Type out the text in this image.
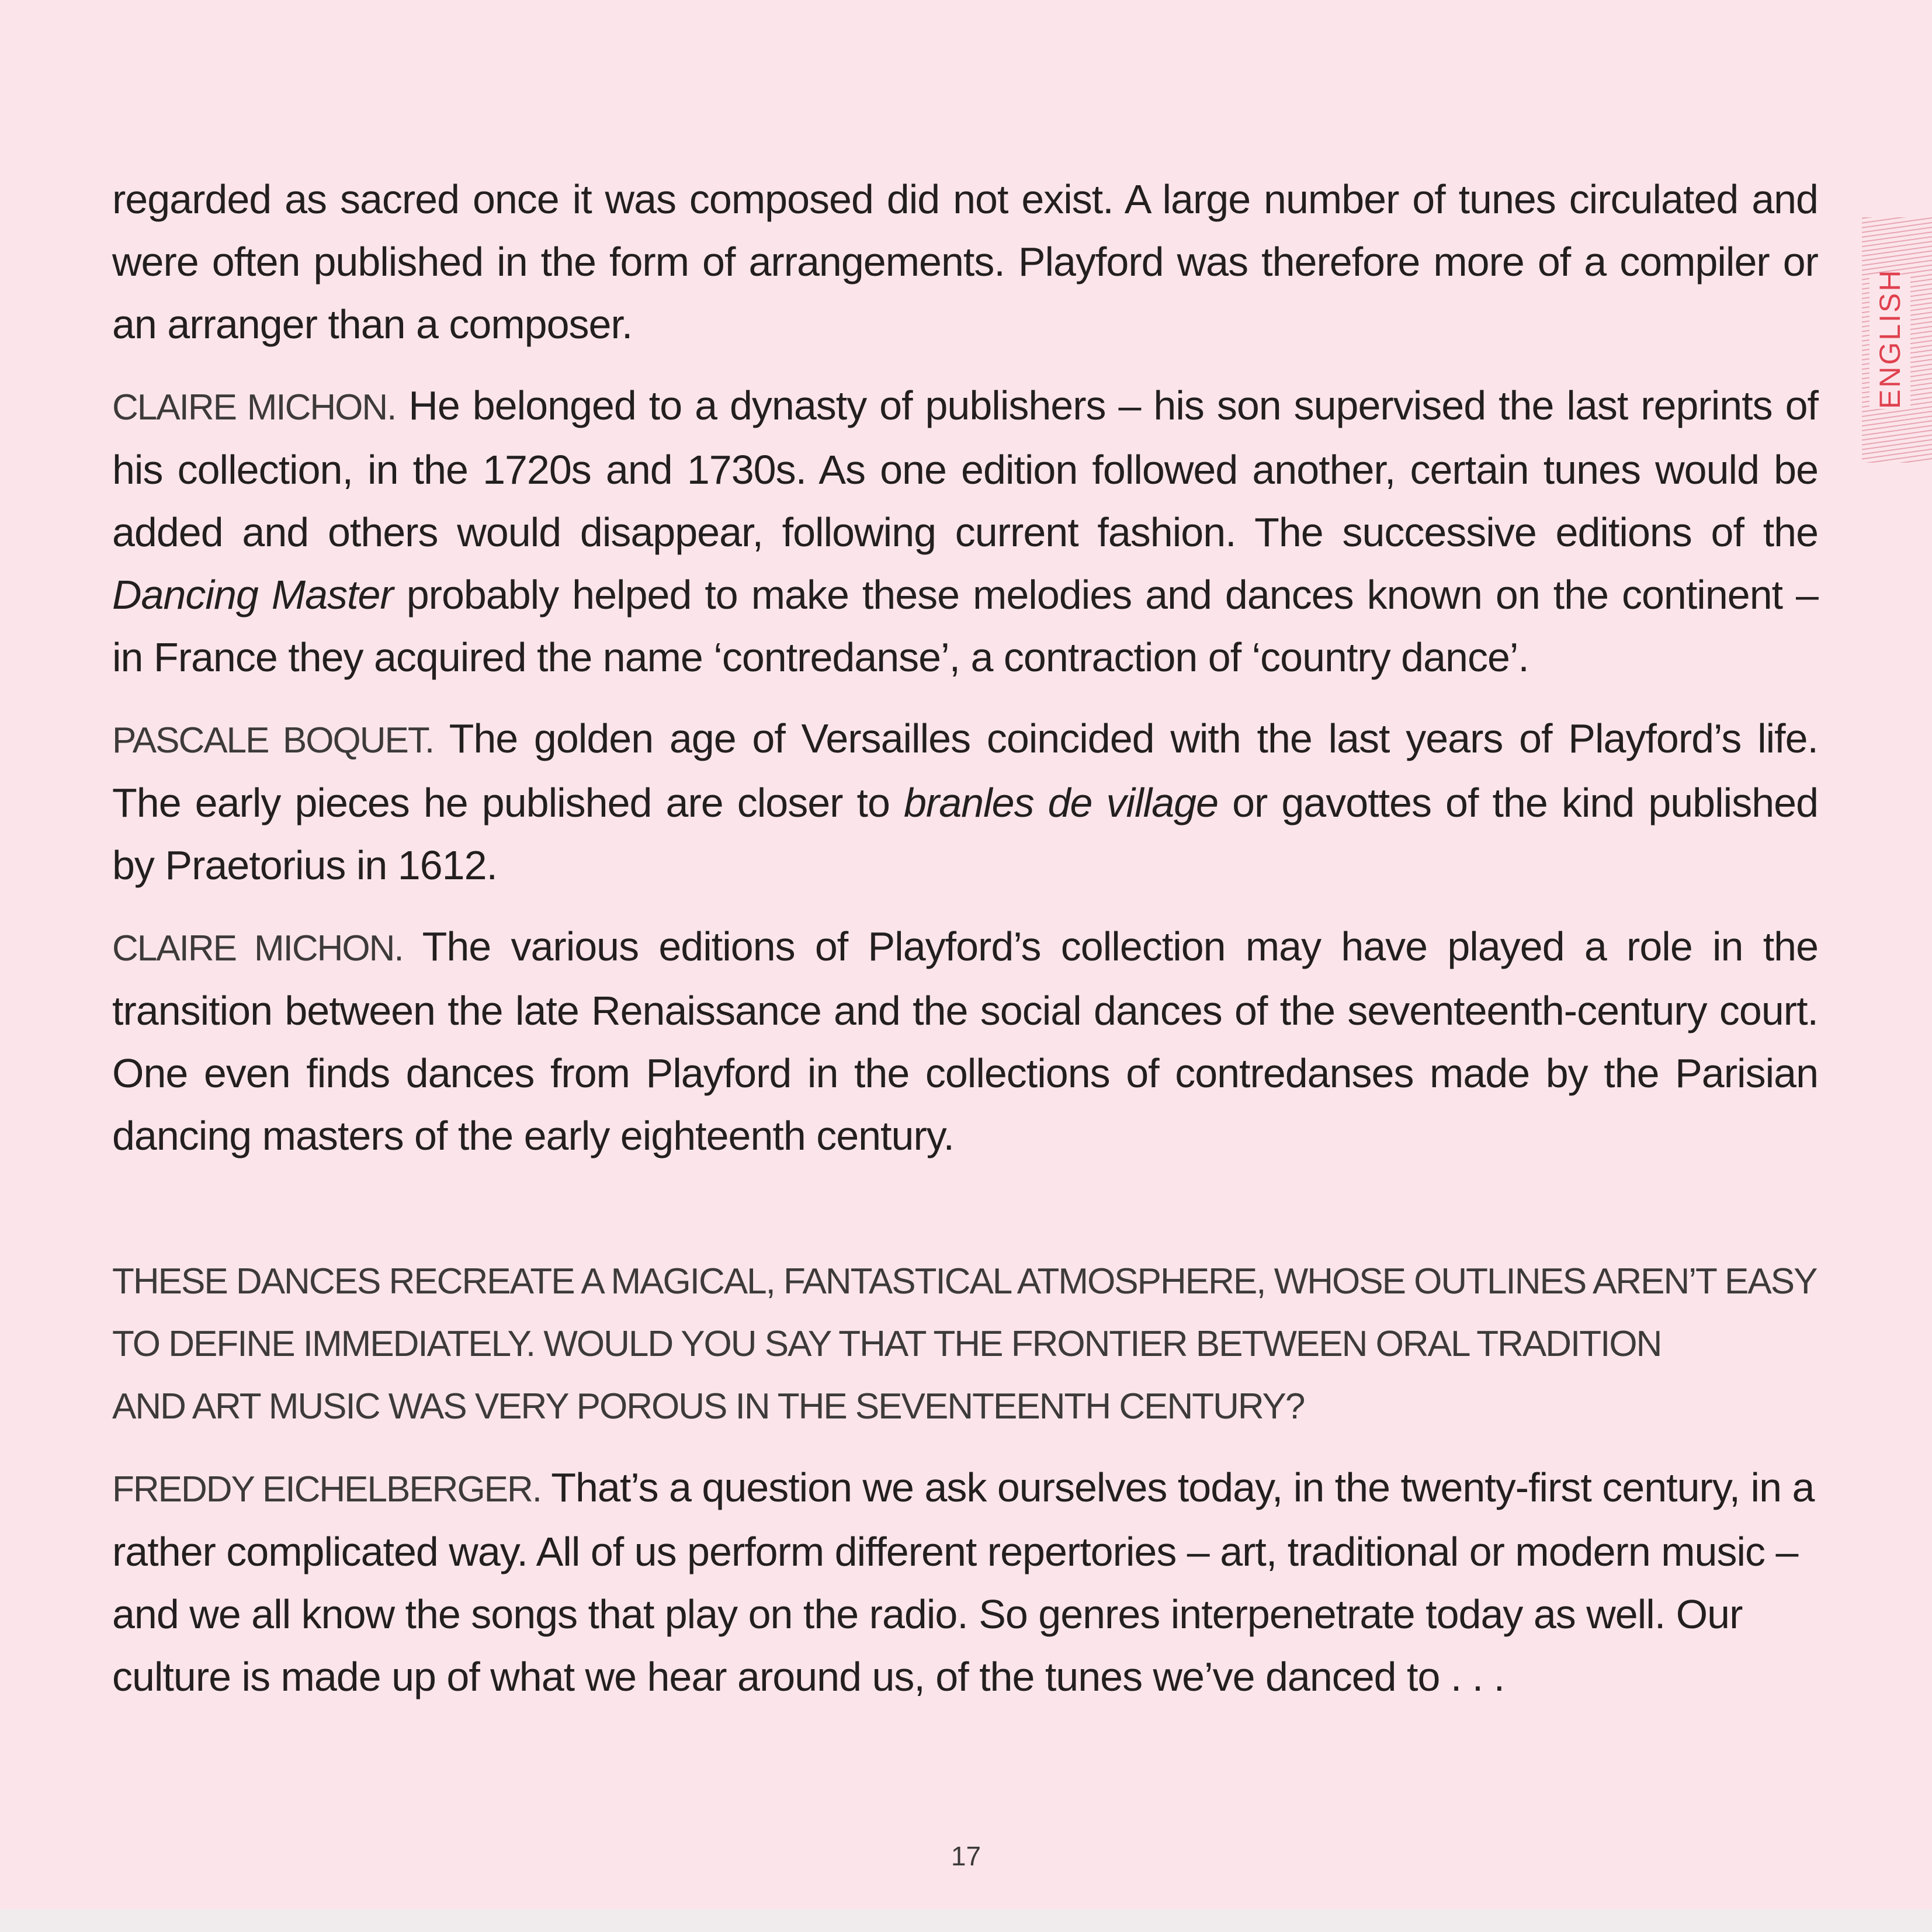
ENGLISH

regarded as sacred once it was composed did not exist. A large number of tunes circulated and were often published in the form of arrangements. Playford was therefore more of a compiler or an arranger than a composer.

CLAIRE MICHON. He belonged to a dynasty of publishers – his son supervised the last reprints of his collection, in the 1720s and 1730s. As one edition followed another, certain tunes would be added and others would disappear, following current fashion. The successive editions of the Dancing Master probably helped to make these melodies and dances known on the continent – in France they acquired the name ‘contredanse’, a contraction of ‘country dance’.

PASCALE BOQUET. The golden age of Versailles coincided with the last years of Playford’s life. The early pieces he published are closer to branles de village or gavottes of the kind published by Praetorius in 1612.

CLAIRE MICHON. The various editions of Playford’s collection may have played a role in the transition between the late Renaissance and the social dances of the seventeenth-century court. One even finds dances from Playford in the collections of contredanses made by the Parisian dancing masters of the early eighteenth century.

THESE DANCES RECREATE A MAGICAL, FANTASTICAL ATMOSPHERE, WHOSE OUTLINES AREN’T EASY
TO DEFINE IMMEDIATELY. WOULD YOU SAY THAT THE FRONTIER BETWEEN ORAL TRADITION
AND ART MUSIC WAS VERY POROUS IN THE SEVENTEENTH CENTURY?

FREDDY EICHELBERGER. That’s a question we ask ourselves today, in the twenty-first century, in a rather complicated way. All of us perform different repertories – art, traditional or modern music – and we all know the songs that play on the radio. So genres interpenetrate today as well. Our culture is made up of what we hear around us, of the tunes we’ve danced to . . .

17
